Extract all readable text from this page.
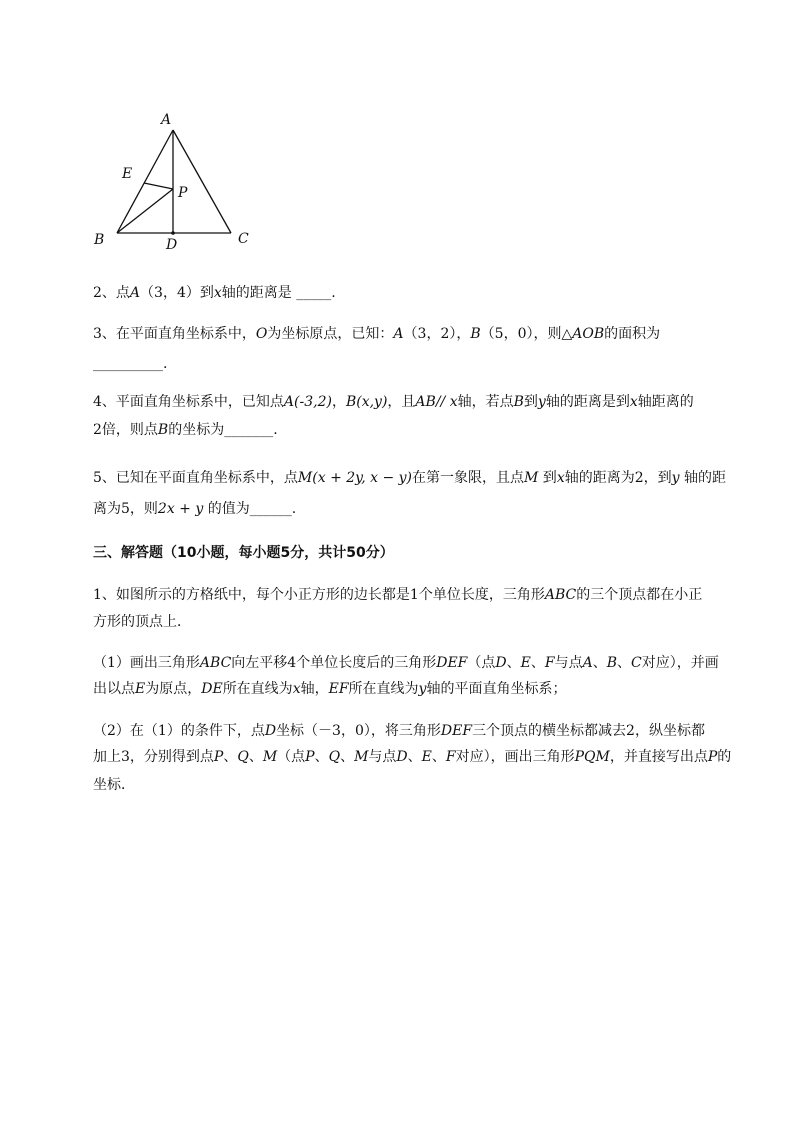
A
E
P
B	D	C
2、点A（3，4）到x轴的距离是 _____.
3、在平面直角坐标系中，O为坐标原点，已知：A（3，2），B（5，0），则△AOB的面积为
__________.
4、平面直角坐标系中，已知点A(-3,2)，B(x,y)，且AB// x轴，若点B到y轴的距离是到x轴距离的
2倍，则点B的坐标为_______.
5、已知在平面直角坐标系中，点M(x + 2y, x − y)在第一象限，且点M 到x轴的距离为2，到y 轴的距
离为5，则2x + y 的值为______.
三、解答题（10小题，每小题5分，共计50分）
1、如图所示的方格纸中，每个小正方形的边长都是1个单位长度，三角形ABC的三个顶点都在小正
方形的顶点上．
（1）画出三角形ABC向左平移4个单位长度后的三角形DEF（点D、E、F与点A、B、C对应），并画
出以点E为原点，DE所在直线为x轴，EF所在直线为y轴的平面直角坐标系；
（2）在（1）的条件下，点D坐标（－3，0），将三角形DEF三个顶点的横坐标都减去2，纵坐标都
加上3，分别得到点P、Q、M（点P、Q、M与点D、E、F对应），画出三角形PQM，并直接写出点P的
坐标．
